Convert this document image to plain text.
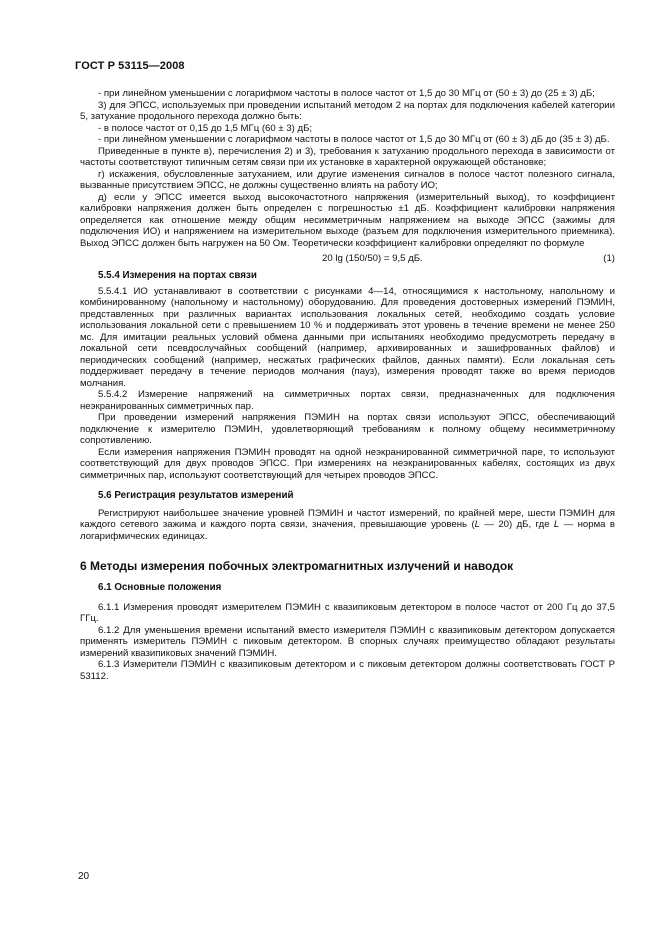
ГОСТ Р 53115—2008

- при линейном уменьшении с логарифмом частоты в полосе частот от 1,5 до 30 МГц от (50 ± 3) до (25 ± 3) дБ;

3) для ЭПСС, используемых при проведении испытаний методом 2 на портах для подключения кабелей категории 5, затухание продольного перехода должно быть:

- в полосе частот от 0,15 до 1,5 МГц (60 ± 3) дБ;

- при линейном уменьшении с логарифмом частоты в полосе частот от 1,5 до 30 МГц от (60 ± 3) дБ до (35 ± 3) дБ.

Приведенные в пункте в), перечисления 2) и 3), требования к затуханию продольного перехода в зависимости от частоты соответствуют типичным сетям связи при их установке в характерной окружающей обстановке;

г) искажения, обусловленные затуханием, или другие изменения сигналов в полосе частот полезного сигнала, вызванные присутствием ЭПСС, не должны существенно влиять на работу ИО;

д) если у ЭПСС имеется выход высокочастотного напряжения (измерительный выход), то коэффициент калибровки напряжения должен быть определен с погрешностью ±1 дБ. Коэффициент калибровки напряжения определяется как отношение между общим несимметричным напряжением на выходе ЭПСС (зажимы для подключения ИО) и напряжением на измерительном выходе (разъем для подключения измерительного приемника). Выход ЭПСС должен быть нагружен на 50 Ом. Теоретически коэффициент калибровки определяют по формуле

20 lg (150/50) = 9,5 дБ.	(1)
5.5.4 Измерения на портах связи

5.5.4.1 ИО устанавливают в соответствии с рисунками 4—14, относящимися к настольному, напольному и комбинированному (напольному и настольному) оборудованию. Для проведения достоверных измерений ПЭМИН, представленных при различных вариантах использования локальных сетей, необходимо создать условие использования локальной сети с превышением 10 % и поддерживать этот уровень в течение времени не менее 250 мс. Для имитации реальных условий обмена данными при испытаниях необходимо предусмотреть передачу в локальной сети псевдослучайных сообщений (например, архивированных и зашифрованных файлов) и периодических сообщений (например, несжатых графических файлов, данных памяти). Если локальная сеть поддерживает передачу в течение периодов молчания (пауз), измерения проводят также во время периодов молчания.

5.5.4.2 Измерение напряжений на симметричных портах связи, предназначенных для подключения неэкранированных симметричных пар.

При проведении измерений напряжения ПЭМИН на портах связи используют ЭПСС, обеспечивающий подключение к измерителю ПЭМИН, удовлетворяющий требованиям к полному общему несимметричному сопротивлению.

Если измерения напряжения ПЭМИН проводят на одной неэкранированной симметричной паре, то используют соответствующий для двух проводов ЭПСС. При измерениях на неэкранированных кабелях, состоящих из двух симметричных пар, используют соответствующий для четырех проводов ЭПСС.

5.6 Регистрация результатов измерений

Регистрируют наибольшее значение уровней ПЭМИН и частот измерений, по крайней мере, шести ПЭМИН для каждого сетевого зажима и каждого порта связи, значения, превышающие уровень (L — 20) дБ, где L — норма в логарифмических единицах.

6 Методы измерения побочных электромагнитных излучений и наводок
6.1 Основные положения

6.1.1 Измерения проводят измерителем ПЭМИН с квазипиковым детектором в полосе частот от 200 Гц до 37,5 ГГц.

6.1.2 Для уменьшения времени испытаний вместо измерителя ПЭМИН с квазипиковым детектором допускается применять измеритель ПЭМИН с пиковым детектором. В спорных случаях преимущество обладают результаты измерений квазипиковых значений ПЭМИН.

6.1.3 Измерители ПЭМИН с квазипиковым детектором и с пиковым детектором должны соответствовать ГОСТ Р 53112.

20
